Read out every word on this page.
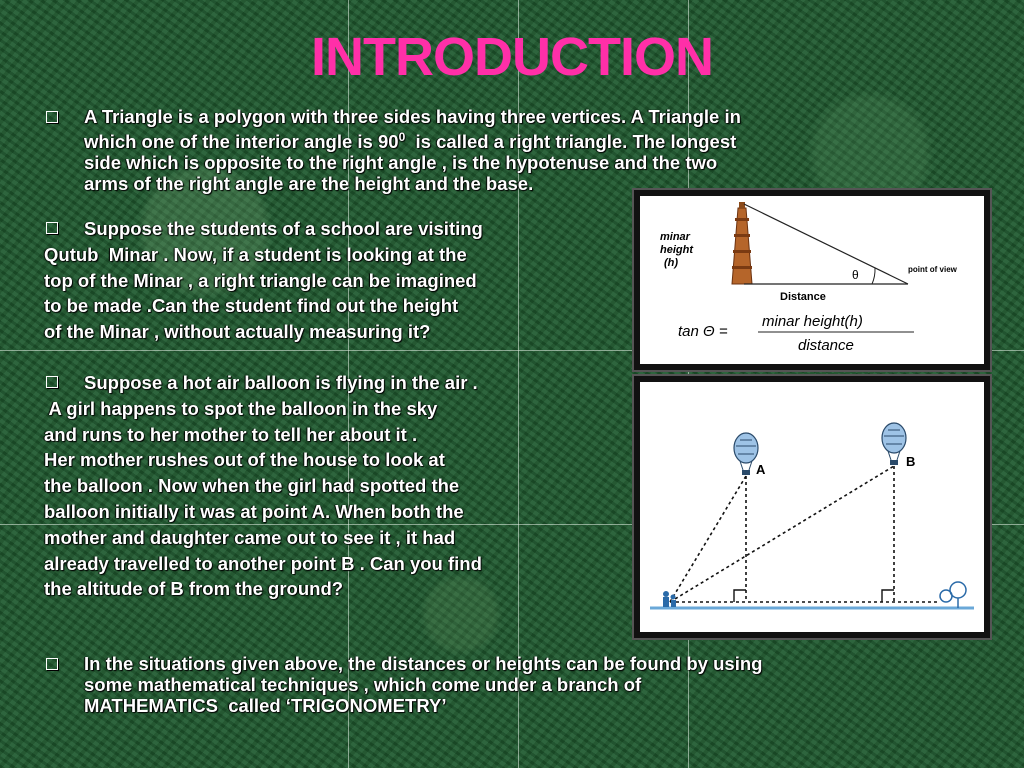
INTRODUCTION
A Triangle is a polygon with three sides having three vertices. A Triangle in
which one of the interior angle is $90^0$  is called a right triangle. The longest
side which is opposite to the right angle , is the hypotenuse and the two
arms of the right angle are the height and the base.
Suppose the students of a school are visiting
Qutub  Minar . Now, if a student is looking at the
top of the Minar , a right triangle can be imagined
to be made .Can the student find out the height
of the Minar , without actually measuring it?
Suppose a hot air balloon is flying in the air .
A girl happens to spot the balloon in the sky
and runs to her mother to tell her about it .
Her mother rushes out of the house to look at
the balloon . Now when the girl had spotted the
balloon initially it was at point A. When both the
mother and daughter came out to see it , it had
already travelled to another point B . Can you find
the altitude of B from the ground?
In the situations given above, the distances or heights can be found by using
some mathematical techniques , which come under a branch of
MATHEMATICS  called ‘TRIGONOMETRY’
minar
height
(h)
θ	point of view
Distance
tan Θ =
minar height(h)
distance
A
B
